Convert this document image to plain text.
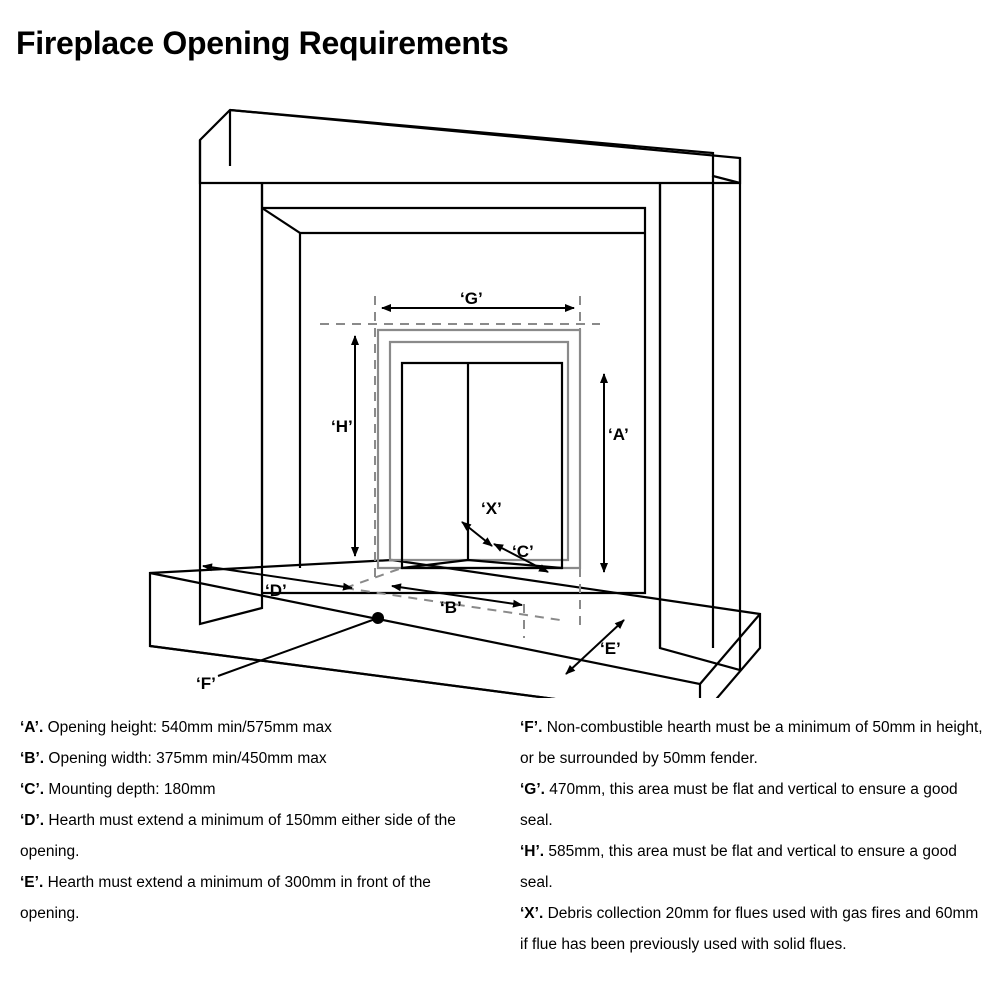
Fireplace Opening Requirements
‘G’
‘H’	‘A’
‘X’
‘C’
‘D’
‘B’
‘E’
‘F’

‘A’. Opening height: 540mm min/575mm max

‘B’. Opening width: 375mm min/450mm max

‘C’. Mounting depth: 180mm

‘D’. Hearth must extend a minimum of 150mm either side of the opening.

‘E’. Hearth must extend a minimum of 300mm in front of the opening.

‘F’. Non-combustible hearth must be a minimum of 50mm in height, or be surrounded by 50mm fender.

‘G’. 470mm, this area must be flat and vertical to ensure a good seal.

‘H’. 585mm, this area must be flat and vertical to ensure a good seal.

‘X’. Debris collection 20mm for flues used with gas fires and 60mm if flue has been previously used with solid flues.
